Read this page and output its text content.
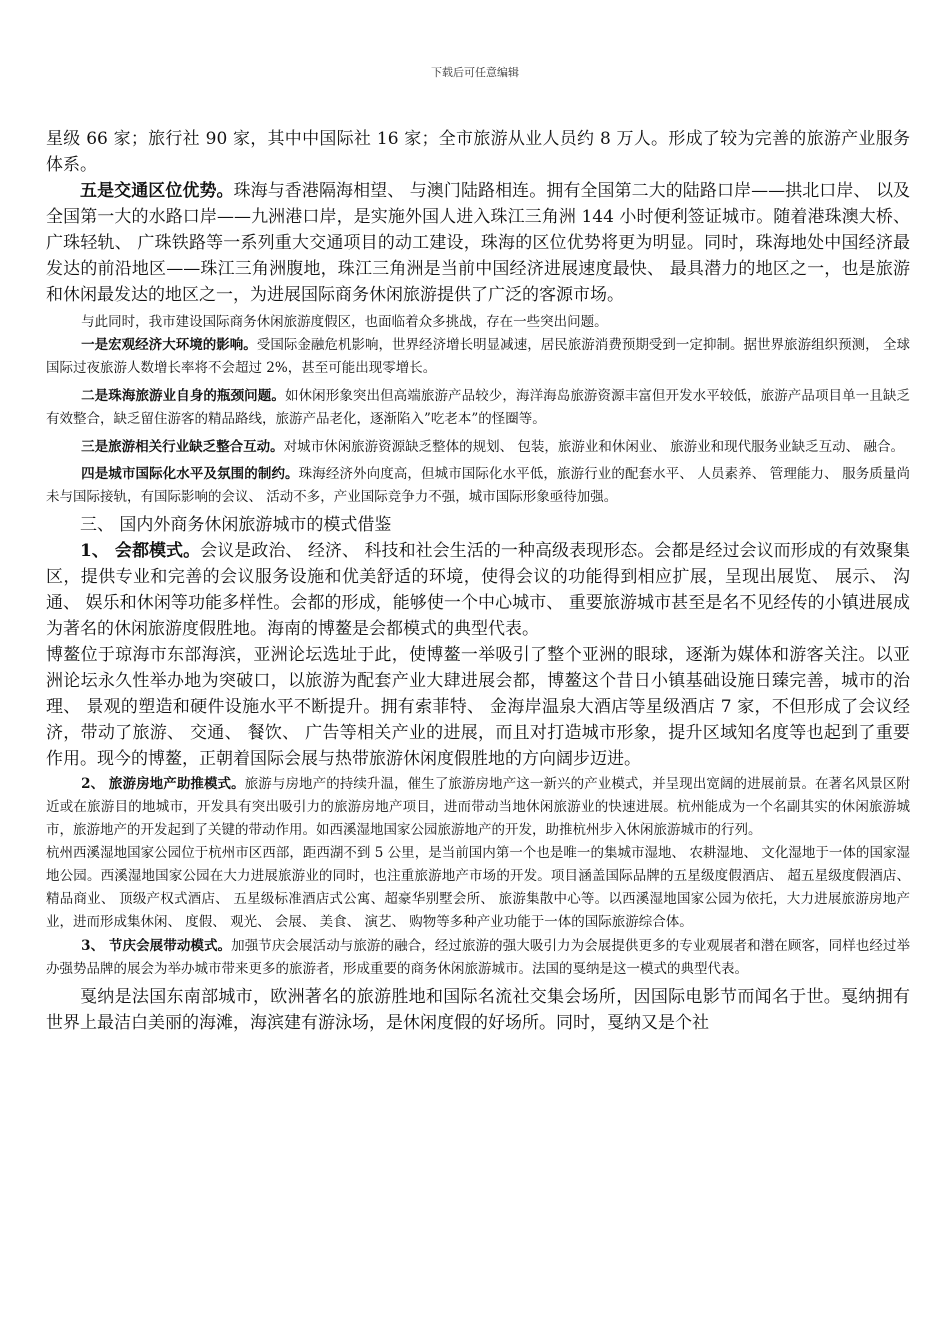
下载后可任意编辑

星级 66 家；旅行社 90 家，其中中国际社 16 家；全市旅游从业人员约 8 万人。形成了较为完善的旅游产业服务体系。

五是交通区位优势。珠海与香港隔海相望、 与澳门陆路相连。拥有全国第二大的陆路口岸——拱北口岸、 以及全国第一大的水路口岸——九洲港口岸，是实施外国人进入珠江三角洲 144 小时便利签证城市。随着港珠澳大桥、 广珠轻轨、 广珠铁路等一系列重大交通项目的动工建设，珠海的区位优势将更为明显。同时，珠海地处中国经济最发达的前沿地区——珠江三角洲腹地，珠江三角洲是当前中国经济进展速度最快、 最具潜力的地区之一，也是旅游和休闲最发达的地区之一，为进展国际商务休闲旅游提供了广泛的客源市场。

与此同时，我市建设国际商务休闲旅游度假区，也面临着众多挑战，存在一些突出问题。

一是宏观经济大环境的影响。受国际金融危机影响，世界经济增长明显减速，居民旅游消费预期受到一定抑制。据世界旅游组织预测， 全球国际过夜旅游人数增长率将不会超过 2%，甚至可能出现零增长。

二是珠海旅游业自身的瓶颈问题。如休闲形象突出但高端旅游产品较少，海洋海岛旅游资源丰富但开发水平较低，旅游产品项目单一且缺乏有效整合，缺乏留住游客的精品路线，旅游产品老化，逐渐陷入”吃老本”的怪圈等。

三是旅游相关行业缺乏整合互动。对城市休闲旅游资源缺乏整体的规划、 包装，旅游业和休闲业、 旅游业和现代服务业缺乏互动、 融合。

四是城市国际化水平及氛围的制约。珠海经济外向度高，但城市国际化水平低，旅游行业的配套水平、 人员素养、 管理能力、 服务质量尚未与国际接轨，有国际影响的会议、 活动不多，产业国际竞争力不强，城市国际形象亟待加强。

三、 国内外商务休闲旅游城市的模式借鉴

1、 会都模式。会议是政治、 经济、 科技和社会生活的一种高级表现形态。会都是经过会议而形成的有效聚集区，提供专业和完善的会议服务设施和优美舒适的环境，使得会议的功能得到相应扩展，呈现出展览、 展示、 沟通、 娱乐和休闲等功能多样性。会都的形成，能够使一个中心城市、 重要旅游城市甚至是名不见经传的小镇进展成为著名的休闲旅游度假胜地。海南的博鳌是会都模式的典型代表。

博鳌位于琼海市东部海滨，亚洲论坛选址于此，使博鳌一举吸引了整个亚洲的眼球，逐渐为媒体和游客关注。以亚洲论坛永久性举办地为突破口，以旅游为配套产业大肆进展会都，博鳌这个昔日小镇基础设施日臻完善，城市的治理、 景观的塑造和硬件设施水平不断提升。拥有索菲特、 金海岸温泉大酒店等星级酒店 7 家，不但形成了会议经济，带动了旅游、 交通、 餐饮、 广告等相关产业的进展，而且对打造城市形象，提升区域知名度等也起到了重要作用。现今的博鳌，正朝着国际会展与热带旅游休闲度假胜地的方向阔步迈进。

2、 旅游房地产助推模式。旅游与房地产的持续升温，催生了旅游房地产这一新兴的产业模式，并呈现出宽阔的进展前景。在著名风景区附近或在旅游目的地城市，开发具有突出吸引力的旅游房地产项目，进而带动当地休闲旅游业的快速进展。杭州能成为一个名副其实的休闲旅游城市，旅游地产的开发起到了关键的带动作用。如西溪湿地国家公园旅游地产的开发，助推杭州步入休闲旅游城市的行列。

杭州西溪湿地国家公园位于杭州市区西部，距西湖不到 5 公里，是当前国内第一个也是唯一的集城市湿地、 农耕湿地、 文化湿地于一体的国家湿地公园。西溪湿地国家公园在大力进展旅游业的同时，也注重旅游地产市场的开发。项目涵盖国际品牌的五星级度假酒店、 超五星级度假酒店、 精品商业、 顶级产权式酒店、 五星级标准酒店式公寓、超豪华别墅会所、 旅游集散中心等。以西溪湿地国家公园为依托，大力进展旅游房地产业，进而形成集休闲、 度假、 观光、 会展、 美食、 演艺、 购物等多种产业功能于一体的国际旅游综合体。

3、 节庆会展带动模式。加强节庆会展活动与旅游的融合，经过旅游的强大吸引力为会展提供更多的专业观展者和潜在顾客，同样也经过举办强势品牌的展会为举办城市带来更多的旅游者，形成重要的商务休闲旅游城市。法国的戛纳是这一模式的典型代表。

戛纳是法国东南部城市，欧洲著名的旅游胜地和国际名流社交集会场所，因国际电影节而闻名于世。戛纳拥有世界上最洁白美丽的海滩，海滨建有游泳场，是休闲度假的好场所。同时，戛纳又是个社
